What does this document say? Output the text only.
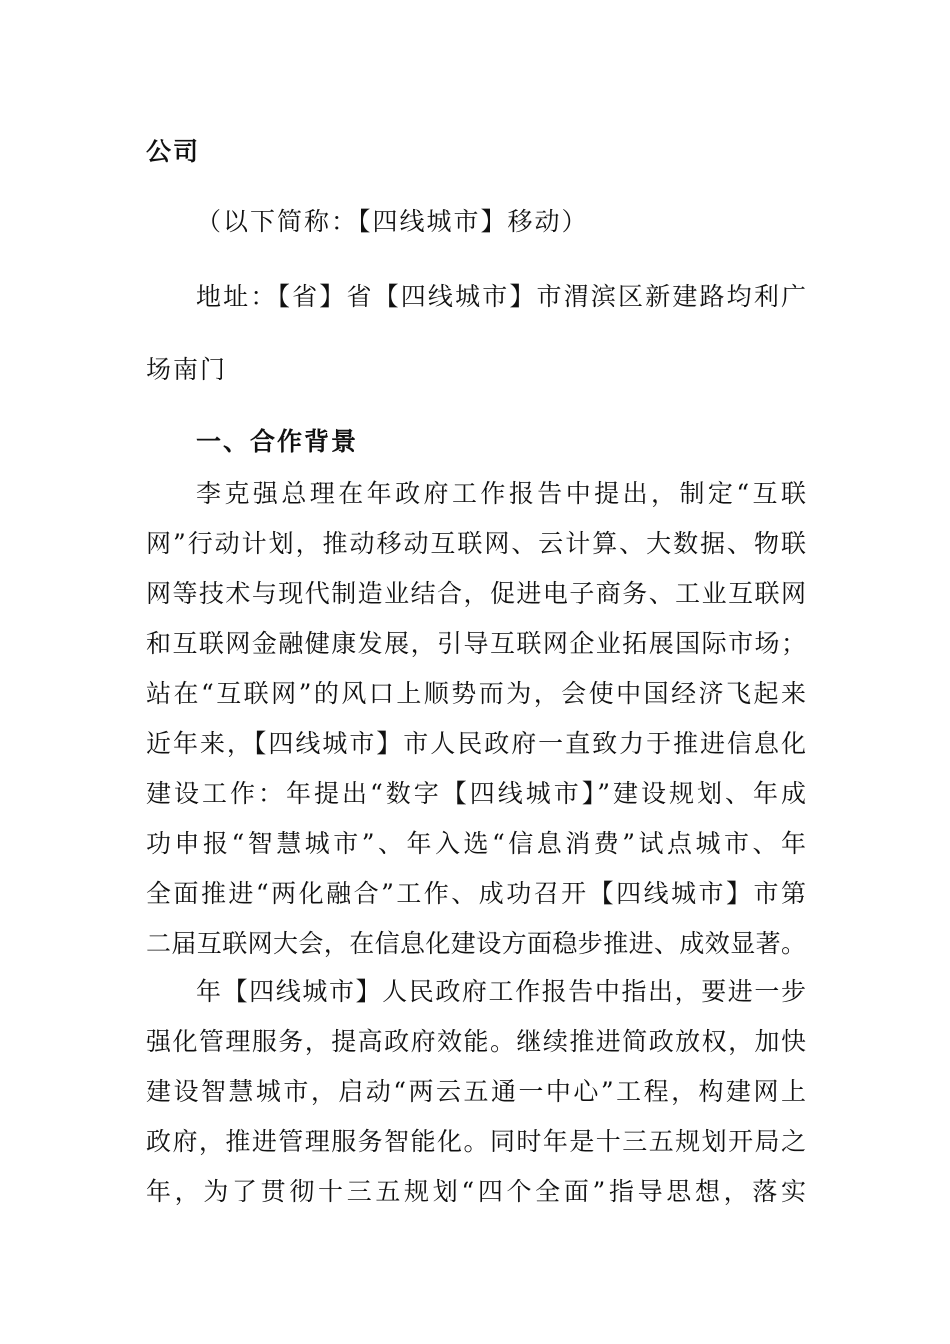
公司
（以下简称：【四线城市】移动）
地址：【省】省【四线城市】市渭滨区新建路均利广
场南门
一、合作背景
李克强总理在年政府工作报告中提出，制定“互联
网”行动计划，推动移动互联网、云计算、大数据、物联
网等技术与现代制造业结合，促进电子商务、工业互联网
和互联网金融健康发展，引导互联网企业拓展国际市场；
站在“互联网”的风口上顺势而为，会使中国经济飞起来
近年来，【四线城市】市人民政府一直致力于推进信息化
建设工作：年提出“数字【四线城市】”建设规划、年成
功申报“智慧城市”、年入选“信息消费”试点城市、年
全面推进“两化融合”工作、成功召开【四线城市】市第
二届互联网大会，在信息化建设方面稳步推进、成效显著。
年【四线城市】人民政府工作报告中指出，要进一步
强化管理服务，提高政府效能。继续推进简政放权，加快
建设智慧城市，启动“两云五通一中心”工程，构建网上
政府，推进管理服务智能化。同时年是十三五规划开局之
年，为了贯彻十三五规划“四个全面”指导思想，落实
